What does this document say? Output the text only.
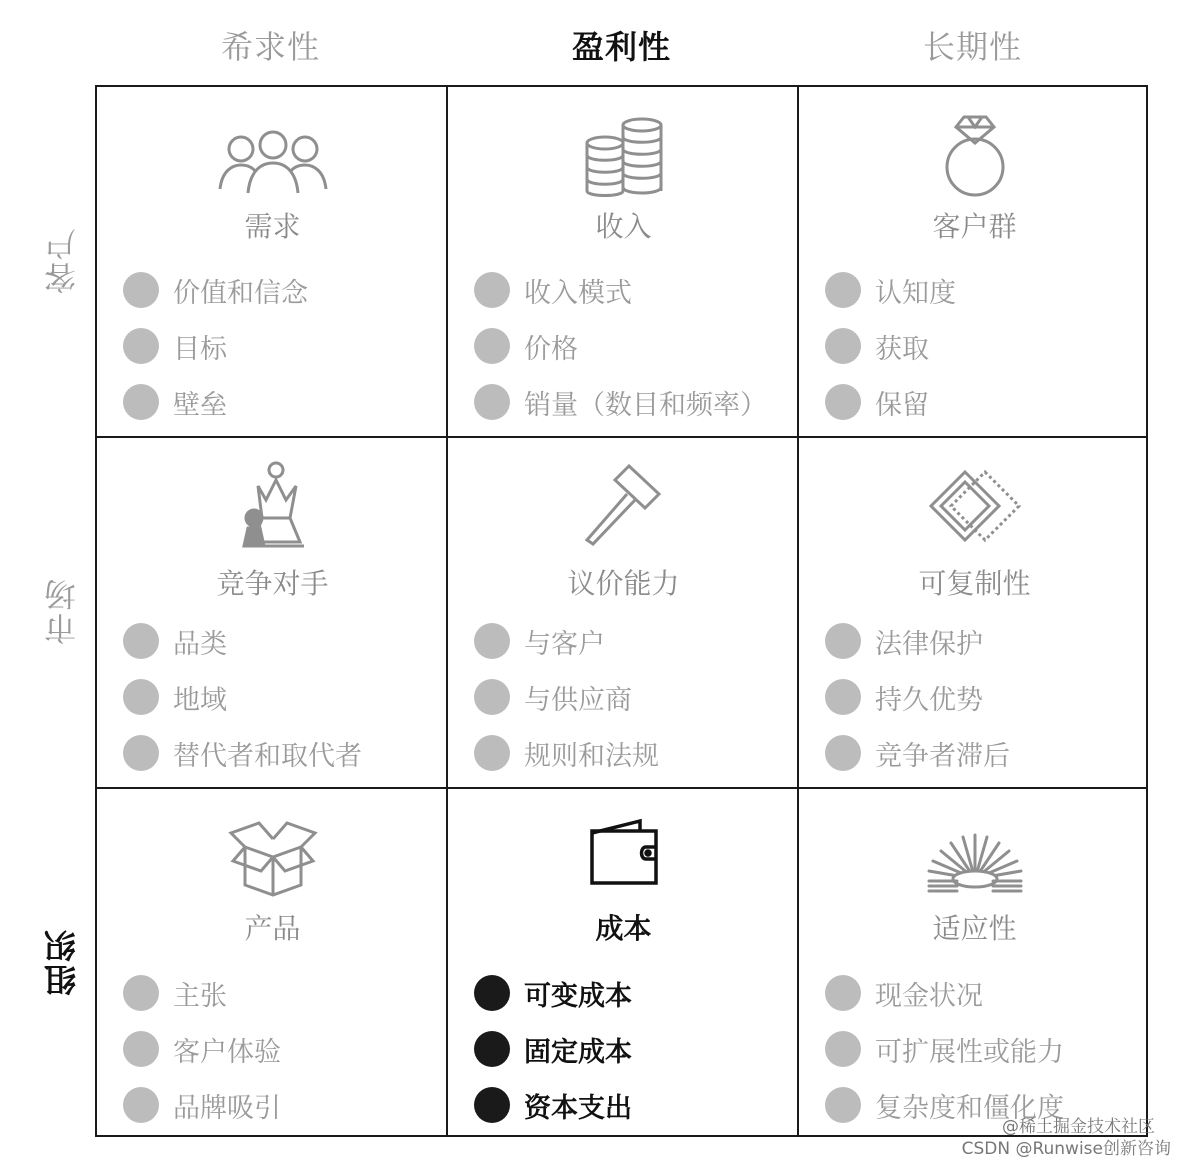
希求性	盈利性	长期性
客户
市场
组织
需求
价值和信念
目标
壁垒
收入
收入模式
价格
销量（数目和频率）
客户群
认知度
获取
保留
竞争对手
品类
地域
替代者和取代者
议价能力
与客户
与供应商
规则和法规
可复制性
法律保护
持久优势
竞争者滞后
产品
主张
客户体验
品牌吸引
成本
可变成本
固定成本
资本支出
适应性
现金状况
可扩展性或能力
复杂度和僵化度
@稀土掘金技术社区
CSDN @Runwise创新咨询
